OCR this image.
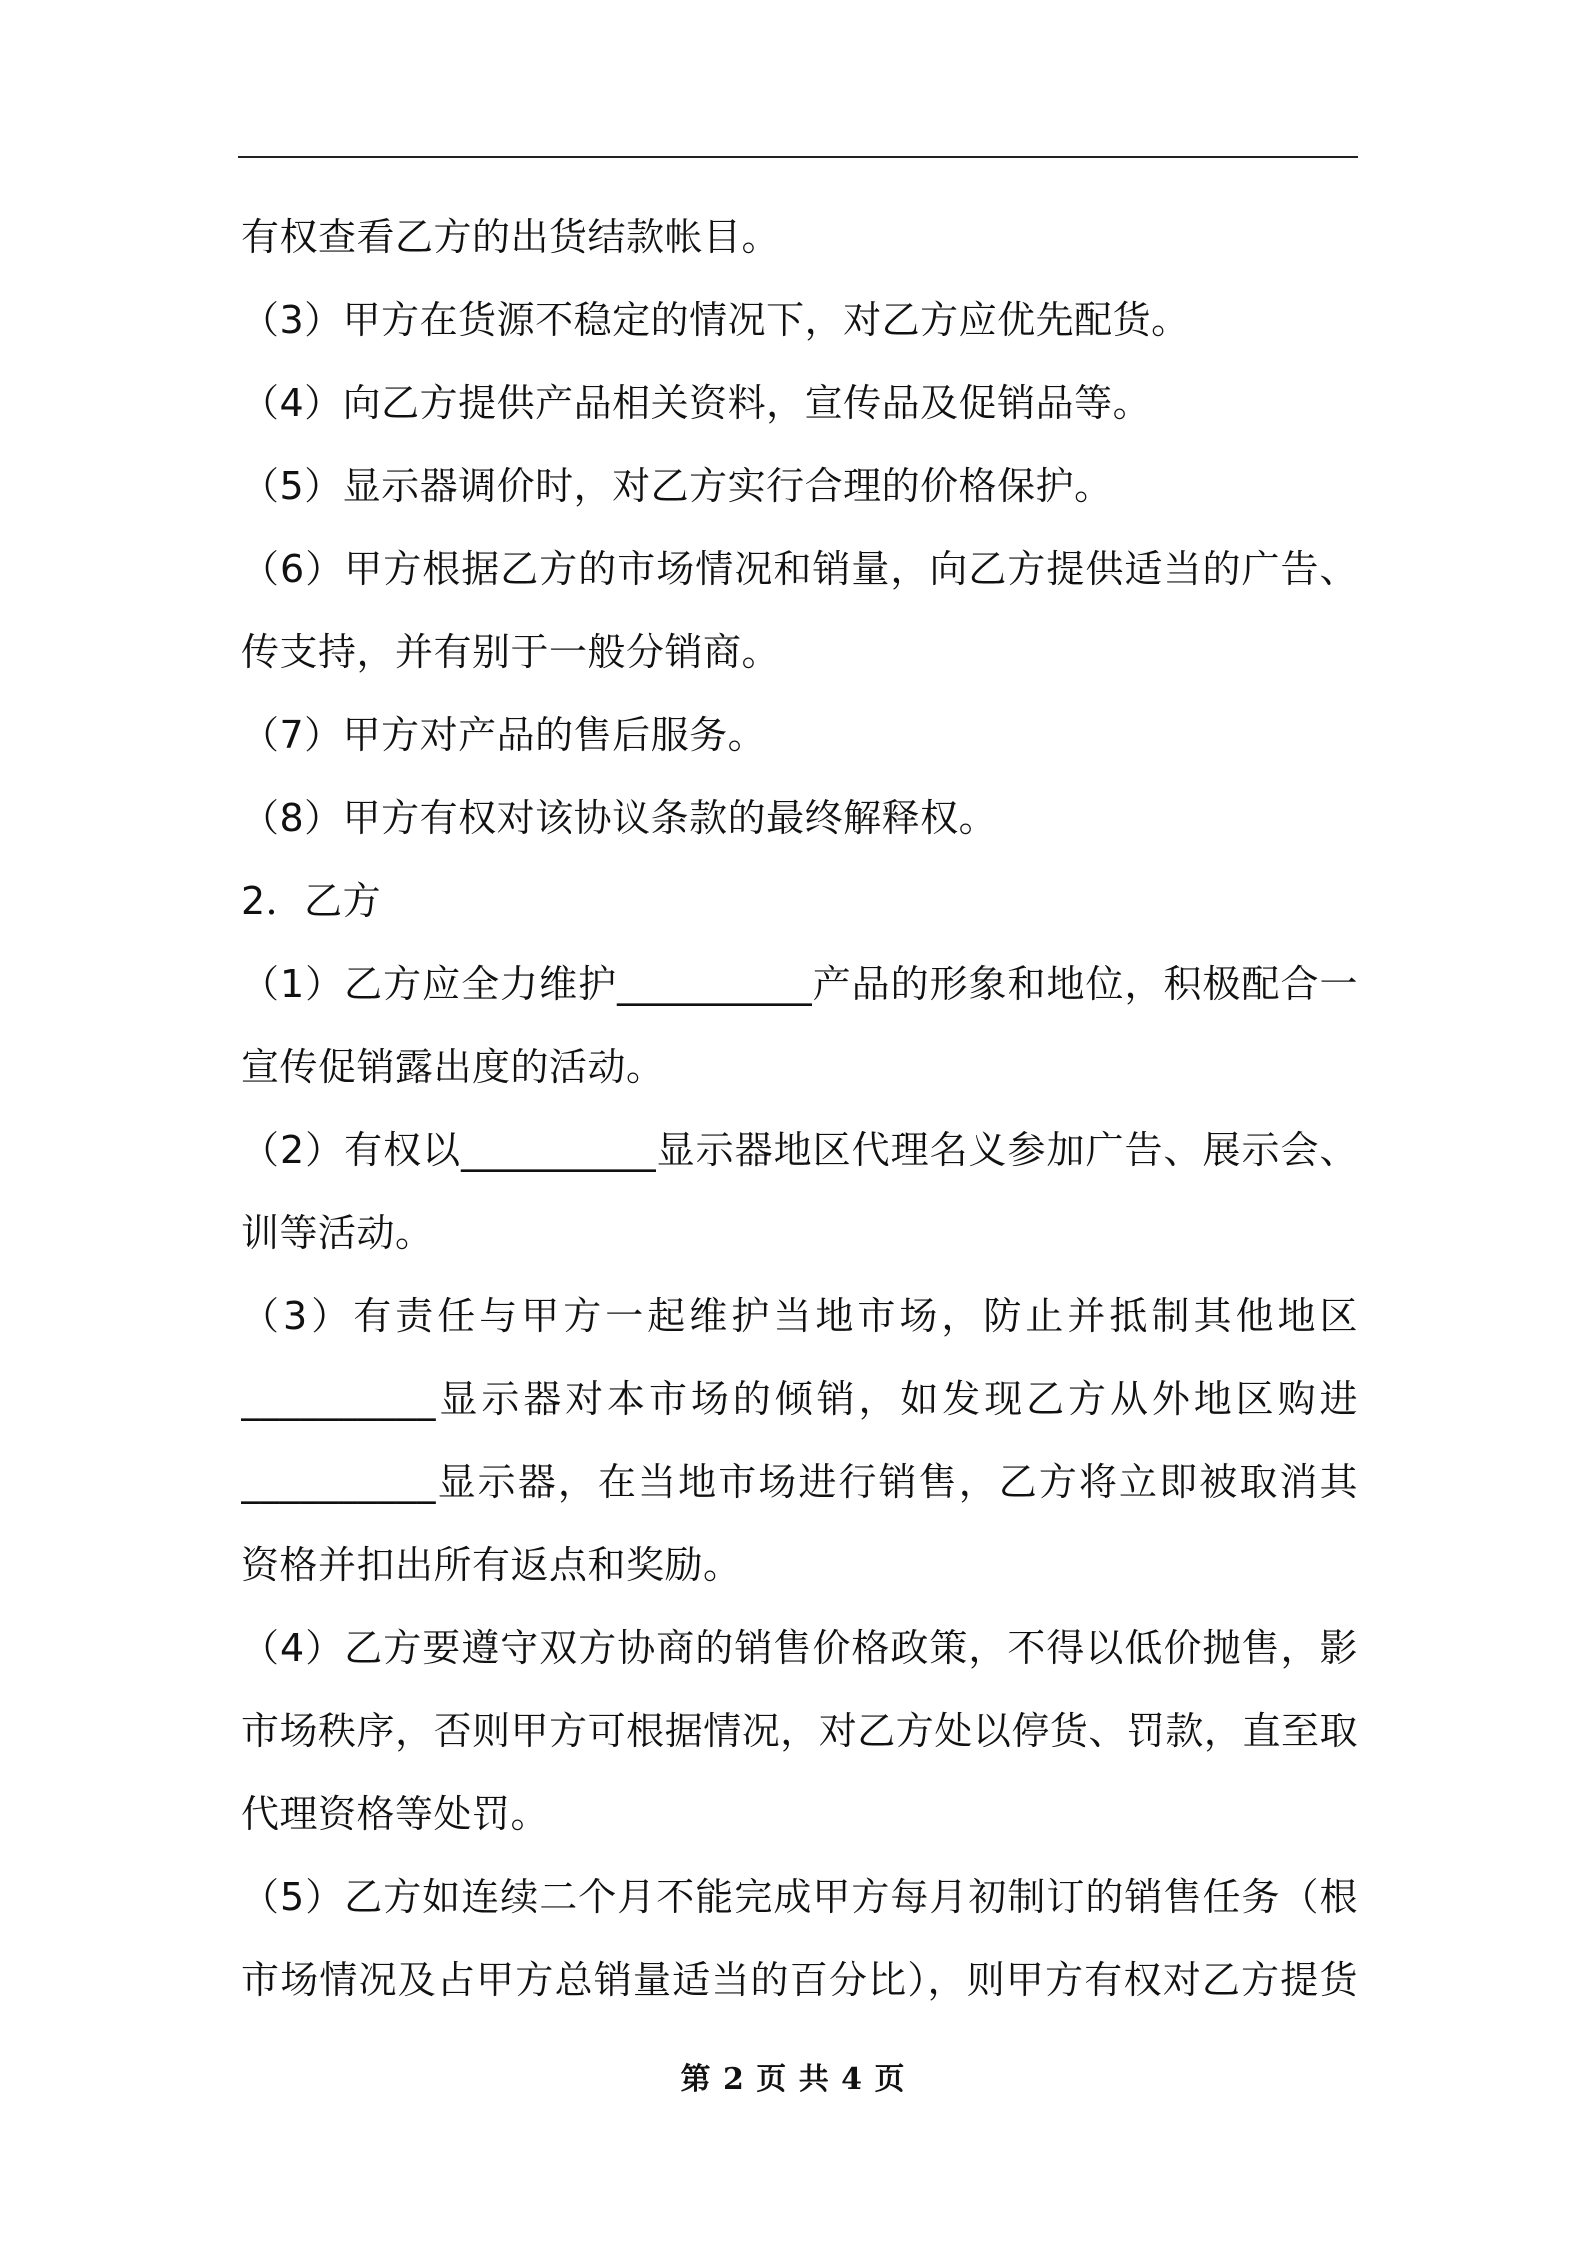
有权查看乙方的出货结款帐目。
（3）甲方在货源不稳定的情况下，对乙方应优先配货。
（4）向乙方提供产品相关资料，宣传品及促销品等。
（5）显示器调价时，对乙方实行合理的价格保护。
（6）甲方根据乙方的市场情况和销量，向乙方提供适当的广告、
传支持，并有别于一般分销商。
（7）甲方对产品的售后服务。
（8）甲方有权对该协议条款的最终解释权。
2．乙方
（1）乙方应全力维护__________产品的形象和地位，积极配合一
宣传促销露出度的活动。
（2）有权以__________显示器地区代理名义参加广告、展示会、
训等活动。
（3）有责任与甲方一起维护当地市场，防止并抵制其他地区
__________显示器对本市场的倾销，如发现乙方从外地区购进
__________显示器，在当地市场进行销售，乙方将立即被取消其
资格并扣出所有返点和奖励。
（4）乙方要遵守双方协商的销售价格政策，不得以低价抛售，影
市场秩序，否则甲方可根据情况，对乙方处以停货、罚款，直至取
代理资格等处罚。
（5）乙方如连续二个月不能完成甲方每月初制订的销售任务（根
市场情况及占甲方总销量适当的百分比），则甲方有权对乙方提货
第 2 页 共 4 页
